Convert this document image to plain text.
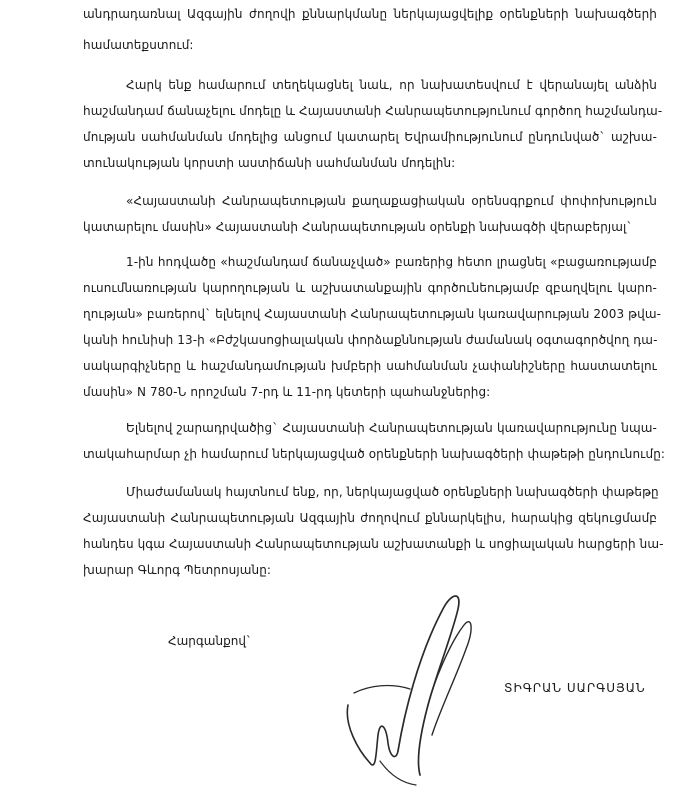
անդրադառնալ Ազգային ժողովի քննարկմանը ներկայացվելիք օրենքների նախագծերի
համատեքստում:
Հարկ ենք համարում տեղեկացնել նաև, որ նախատեսվում է վերանայել անձին
հաշմանդամ ճանաչելու մոդելը և Հայաստանի Հանրապետությունում գործող հաշմանդա-
մության սահմանման մոդելից անցում կատարել Եվրամիությունում ընդունված` աշխա-
տունակության կորստի աստիճանի սահմանման մոդելին:
«Հայաստանի Հանրապետության քաղաքացիական օրենսգրքում փոփոխություն
կատարելու մասին» Հայաստանի Հանրապետության օրենքի նախագծի վերաբերյալ`
1-ին հոդվածը «հաշմանդամ ճանաչված» բառերից հետո լրացնել «բացառությամբ
ուսումնառության կարողության և աշխատանքային գործունեությամբ զբաղվելու կարո-
ղության» բառերով` ելնելով Հայաստանի Հանրապետության կառավարության 2003 թվա-
կանի հունիսի 13-ի «Բժշկասոցիալական փորձաքննության ժամանակ օգտագործվող դա-
սակարգիչները և հաշմանդամության խմբերի սահմանման չափանիշները հաստատելու
մասին» N 780-Ն որոշման 7-րդ և 11-րդ կետերի պահանջներից:
Ելնելով շարադրվածից` Հայաստանի Հանրապետության կառավարությունը նպա-
տակահարմար չի համարում ներկայացված օրենքների նախագծերի փաթեթի ընդունումը:
Միաժամանակ հայտնում ենք, որ, ներկայացված օրենքների նախագծերի փաթեթը
Հայաստանի Հանրապետության Ազգային ժողովում քննարկելիս, հարակից զեկուցմամբ
հանդես կգա Հայաստանի Հանրապետության աշխատանքի և սոցիալական հարցերի նա-
խարար Գևորգ Պետրոսյանը:
Հարգանքով`
ՏԻԳՐԱՆ ՍԱՐԳՍՅԱՆ
